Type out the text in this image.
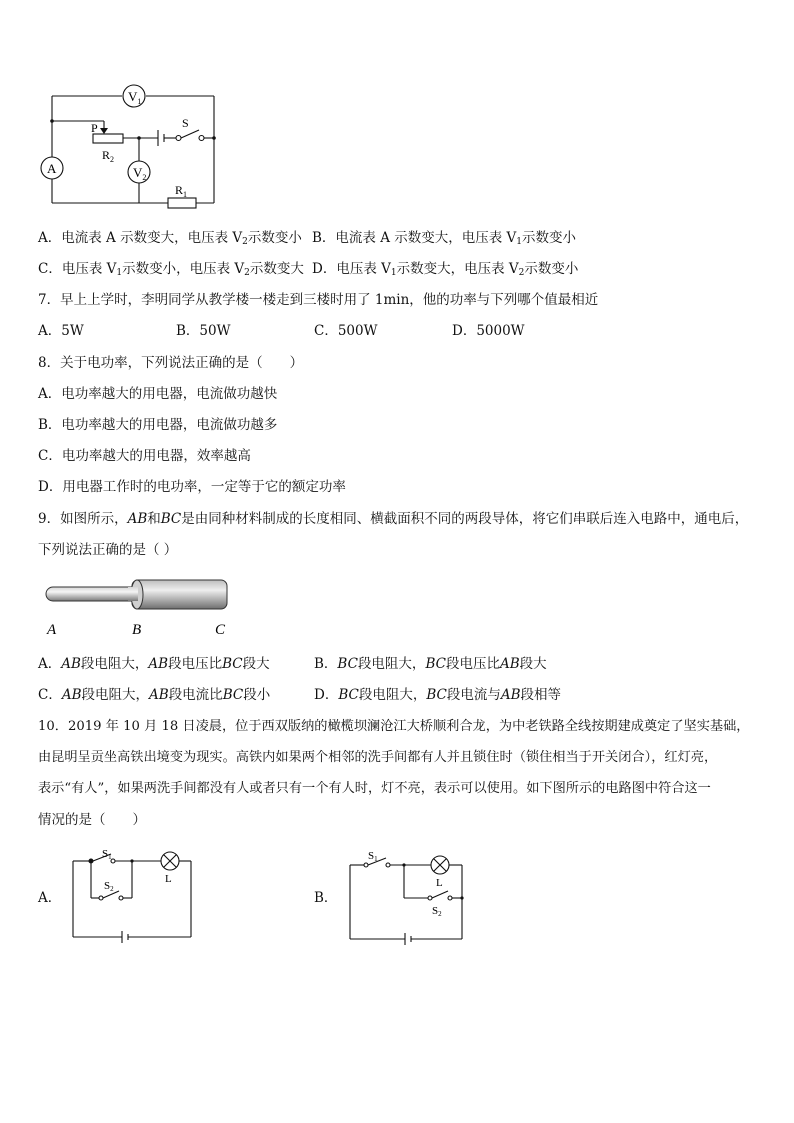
$V_1$
A	$V_2$
P
$R_2$
S
$R_1$
A．电流表 A 示数变大，电压表 $V_2$示数变小 B．电流表 A 示数变大，电压表 $V_1$示数变小
C．电压表 $V_1$示数变小，电压表 $V_2$示数变大 D．电压表 $V_1$示数变大，电压表 $V_2$示数变小
7．早上上学时，李明同学从教学楼一楼走到三楼时用了 1min，他的功率与下列哪个值最相近
A．5W	B．50W	C．500W	D．5000W
8．关于电功率，下列说法正确的是（　　）
A．电功率越大的用电器，电流做功越快
B．电功率越大的用电器，电流做功越多
C．电功率越大的用电器，效率越高
D．用电器工作时的电功率，一定等于它的额定功率
9．如图所示，AB和BC是由同种材料制成的长度相同、横截面积不同的两段导体，将它们串联后连入电路中，通电后，
下列说法正确的是（ ）
A	B	C
A．AB段电阻大，AB段电压比BC段大	B．BC段电阻大，BC段电压比AB段大
C．AB段电阻大，AB段电流比BC段小	D．BC段电阻大，BC段电流与AB段相等
10．2019 年 10 月 18 日凌晨，位于西双版纳的橄榄坝澜沧江大桥顺利合龙，为中老铁路全线按期建成奠定了坚实基础，
由昆明呈贡坐高铁出境变为现实。高铁内如果两个相邻的洗手间都有人并且锁住时（锁住相当于开关闭合），红灯亮，
表示“有人”，如果两洗手间都没有人或者只有一个有人时，灯不亮，表示可以使用。如下图所示的电路图中符合这一
情况的是（　　）
A．	B．
S1
S2
L
S1
S2
L
